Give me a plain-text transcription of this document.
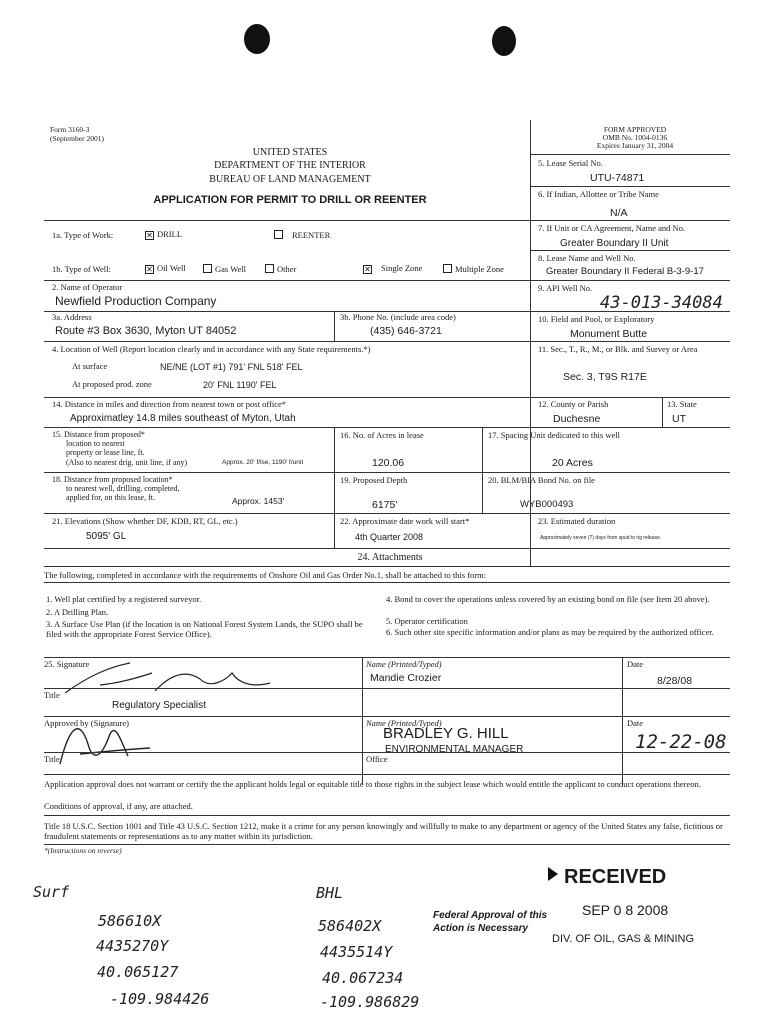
Form 3160-3
(September 2001)
FORM APPROVED
OMB No. 1004-0136
Expires January 31, 2004
UNITED STATES
DEPARTMENT OF THE INTERIOR
BUREAU OF LAND MANAGEMENT
APPLICATION FOR PERMIT TO DRILL OR REENTER
5. Lease Serial No.
UTU-74871
6. If Indian, Allottee or Tribe Name
N/A
1a. Type of Work:	✕ DRILL	REENTER
7. If Unit or CA Agreement, Name and No.
Greater Boundary II Unit
8. Lease Name and Well No.
Greater Boundary II Federal B-3-9-17
1b. Type of Well:	✕ Oil Well	Gas Well	Other	✕ Single Zone	Multiple Zone
2. Name of Operator
Newfield Production Company
9. API Well No.
43-013-34084
3a. Address
Route #3 Box 3630, Myton UT 84052
3b. Phone No. (include area code)
(435) 646-3721
10. Field and Pool, or Exploratory
Monument Butte
4. Location of Well (Report location clearly and in accordance with any State requirements.*)
At surface	NE/NE (LOT #1) 791' FNL 518' FEL
At proposed prod. zone	20' FNL 1190' FEL
11. Sec., T., R., M., or Blk. and Survey or Area
Sec. 3, T9S R17E
14. Distance in miles and direction from nearest town or post office*
Approximatley 14.8 miles southeast of Myton, Utah
12. County or Parish
Duchesne
13. State
UT
15. Distance from proposed*
location to nearest
property or lease line, ft.
(Also to nearest drig. unit line, if any)	Approx. 20' f/lse, 1190' f/unit
16. No. of Acres in lease
120.06
17. Spacing Unit dedicated to this well
20 Acres
18. Distance from proposed location*
to nearest well, drilling, completed,
applied for, on this lease, ft.	Approx. 1453'
19. Proposed Depth
6175'
20. BLM/BIA Bond No. on file
WYB000493
21. Elevations (Show whether DF, KDB, RT, GL, etc.)
5095' GL
22. Approximate date work will start*
4th Quarter 2008
23. Estimated duration
Approximately seven (7) days from spud to rig release.
24. Attachments
The following, completed in accordance with the requirements of Onshore Oil and Gas Order No.1, shall be attached to this form:
1. Well plat certified by a registered surveyor.
2. A Drilling Plan.
3. A Surface Use Plan (if the location is on National Forest System Lands, the SUPO shall be filed with the appropriate Forest Service Office).
4. Bond to cover the operations unless covered by an existing bond on file (see Item 20 above).
5. Operator certification
6. Such other site specific information and/or plans as may be required by the authorized officer.
25. Signature	Name (Printed/Typed)
Mandie Crozier
Date
8/28/08
Title
Regulatory Specialist
Approved by (Signature)	Name (Printed/Typed)
BRADLEY G. HILL
Date
12-22-08
Title	Office
ENVIRONMENTAL MANAGER
Application approval does not warrant or certify the the applicant holds legal or equitable title to those rights in the subject lease which would entitle the applicant to conduct operations thereon.
Conditions of approval, if any, are attached.
Title 18 U.S.C. Section 1001 and Title 43 U.S.C. Section 1212, make it a crime for any person knowingly and willfully to make to any department or agency of the United States any false, fictitious or fraudulent statements or representations as to any matter within its jurisdiction.
*(Instructions on reverse)
Surf
586610X
4435270Y
40.065127
-109.984426
BHL
586402X
4435514Y
40.067234
-109.986829
Federal Approval of this
Action is Necessary
RECEIVED
SEP 0 8 2008
DIV. OF OIL, GAS & MINING
